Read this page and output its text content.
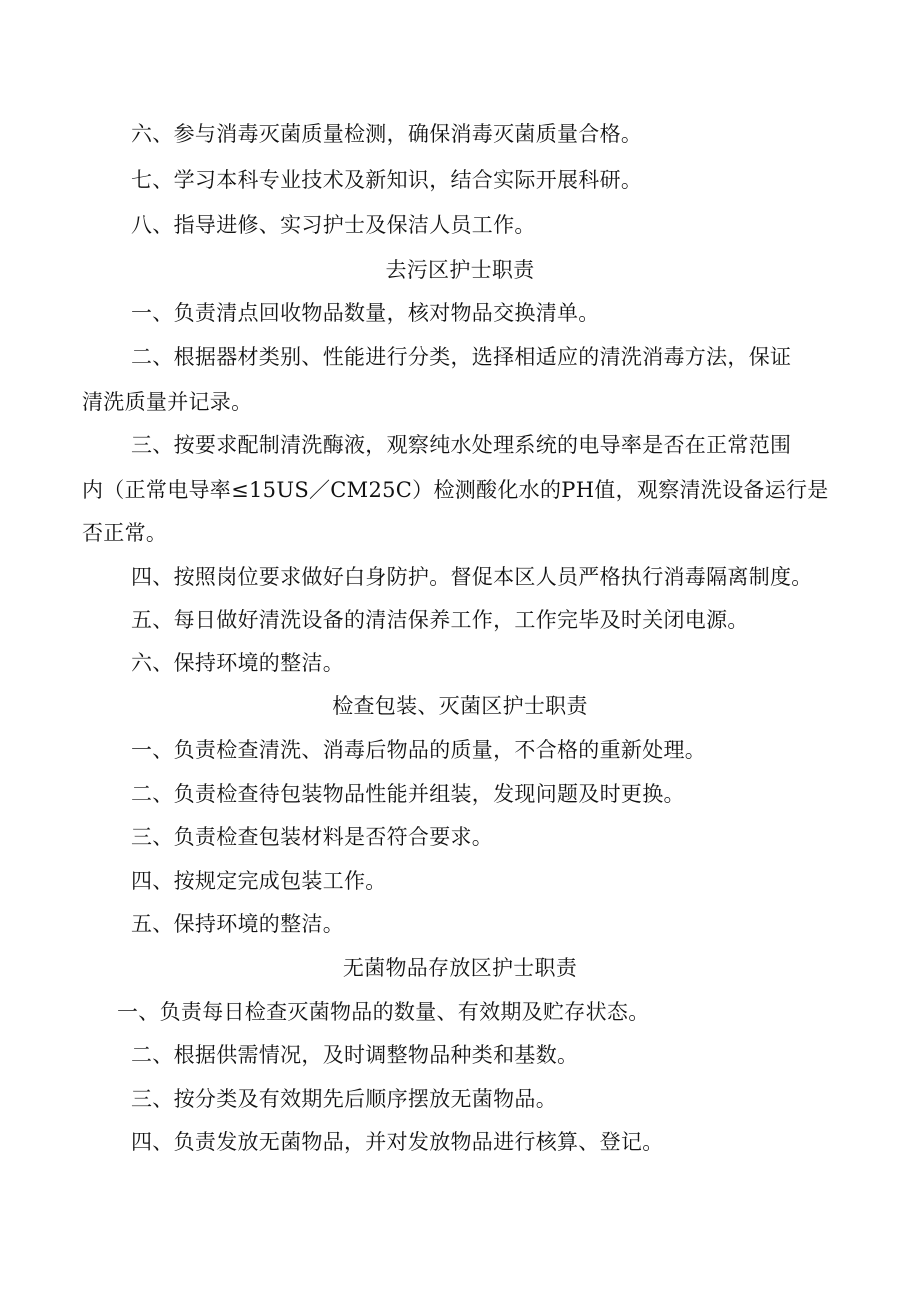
六、参与消毒灭菌质量检测，确保消毒灭菌质量合格。
七、学习本科专业技术及新知识，结合实际开展科研。
八、指导进修、实习护士及保洁人员工作。
去污区护士职责
一、负责清点回收物品数量，核对物品交换清单。
二、根据器材类别、性能进行分类，选择相适应的清洗消毒方法，保证
清洗质量并记录。
三、按要求配制清洗酶液，观察纯水处理系统的电导率是否在正常范围
内（正常电导率≤15US／CM25C）检测酸化水的PH值，观察清洗设备运行是
否正常。
四、按照岗位要求做好白身防护。督促本区人员严格执行消毒隔离制度。
五、每日做好清洗设备的清洁保养工作，工作完毕及时关闭电源。
六、保持环境的整洁。
检查包装、灭菌区护士职责
一、负责检查清洗、消毒后物品的质量，不合格的重新处理。
二、负责检查待包装物品性能并组装，发现问题及时更换。
三、负责检查包装材料是否符合要求。
四、按规定完成包装工作。
五、保持环境的整洁。
无菌物品存放区护士职责
一、负责每日检查灭菌物品的数量、有效期及贮存状态。
二、根据供需情况，及时调整物品种类和基数。
三、按分类及有效期先后顺序摆放无菌物品。
四、负责发放无菌物品，并对发放物品进行核算、登记。
